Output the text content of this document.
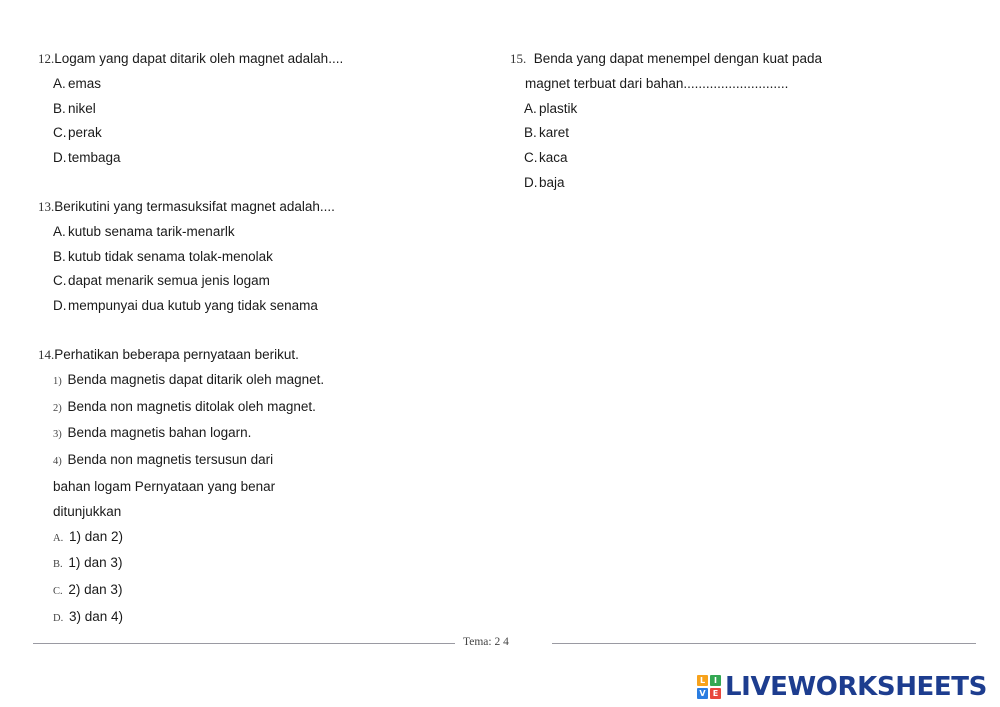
12.Logam yang dapat ditarik oleh magnet adalah....
A. emas
B. nikel
C. perak
D. tembaga
13.Berikutini yang termasuksifat magnet adalah....
A. kutub senama tarik-menarlk
B. kutub tidak senama tolak-menolak
C. dapat menarik semua jenis logam
D. mempunyai dua kutub yang tidak senama
14.Perhatikan beberapa pernyataan berikut.
1) Benda magnetis dapat ditarik oleh magnet.
2) Benda non magnetis ditolak oleh magnet.
3) Benda magnetis bahan logarn.
4) Benda non magnetis tersusun dari
bahan logam Pernyataan yang benar
ditunjukkan
A. 1) dan 2)
B. 1) dan 3)
C. 2) dan 3)
D. 3) dan 4)
15. Benda yang dapat menempel dengan kuat pada
magnet terbuat dari bahan............................
A. plastik
B. karet
C. kaca
D. baja
Tema: 2 4
L	I
V E LIVEWORKSHEETS
